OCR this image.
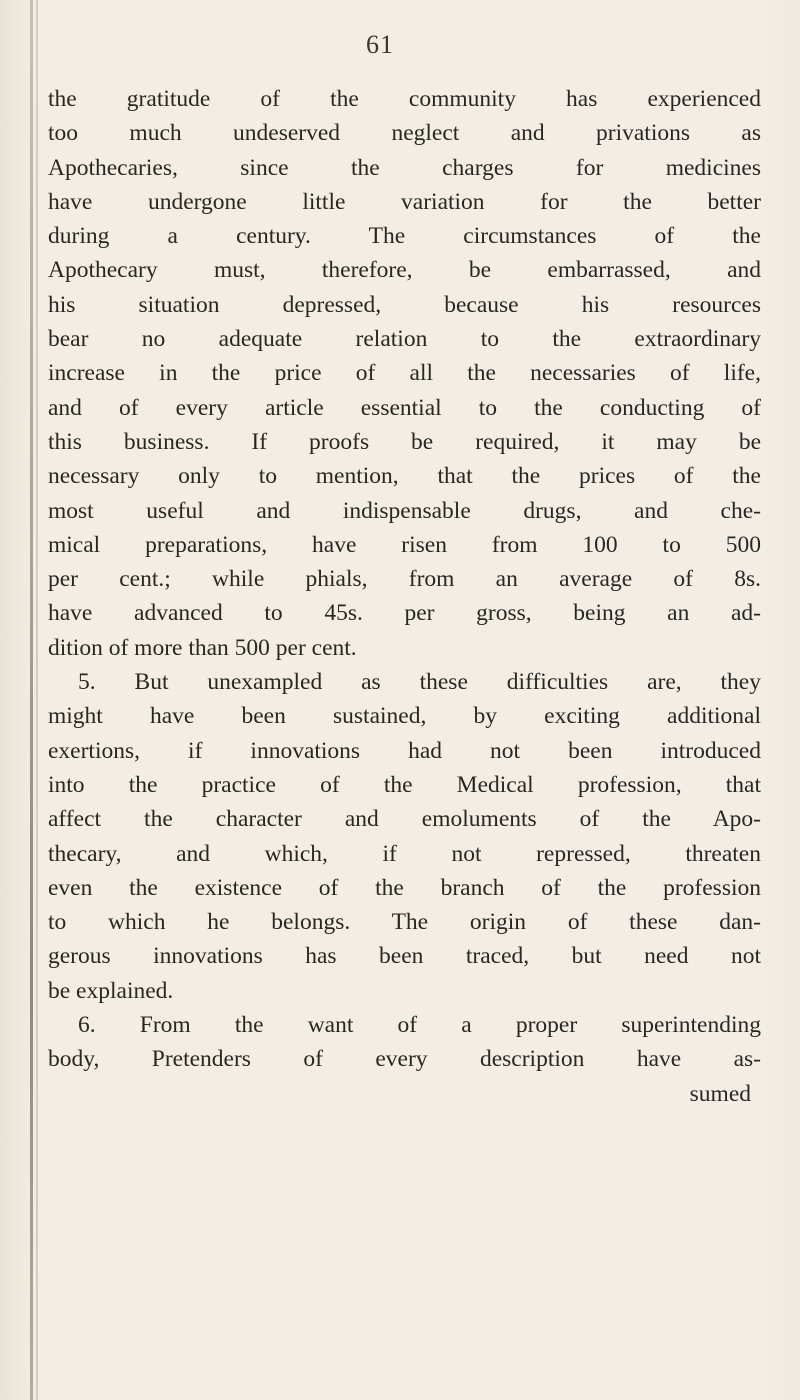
61
the gratitude of the community has experienced
too much undeserved neglect and privations as
Apothecaries, since the charges for medicines
have undergone little variation for the better
during a century. The circumstances of the
Apothecary must, therefore, be embarrassed, and
his situation depressed, because his resources
bear no adequate relation to the extraordinary
increase in the price of all the necessaries of life,
and of every article essential to the conducting of
this business. If proofs be required, it may be
necessary only to mention, that the prices of the
most useful and indispensable drugs, and che-
mical preparations, have risen from 100 to 500
per cent.; while phials, from an average of 8s.
have advanced to 45s. per gross, being an ad-
dition of more than 500 per cent.
5. But unexampled as these difficulties are, they
might have been sustained, by exciting additional
exertions, if innovations had not been introduced
into the practice of the Medical profession, that
affect the character and emoluments of the Apo-
thecary, and which, if not repressed, threaten
even the existence of the branch of the profession
to which he belongs. The origin of these dan-
gerous innovations has been traced, but need not
be explained.
6. From the want of a proper superintending
body, Pretenders of every description have as-
sumed
